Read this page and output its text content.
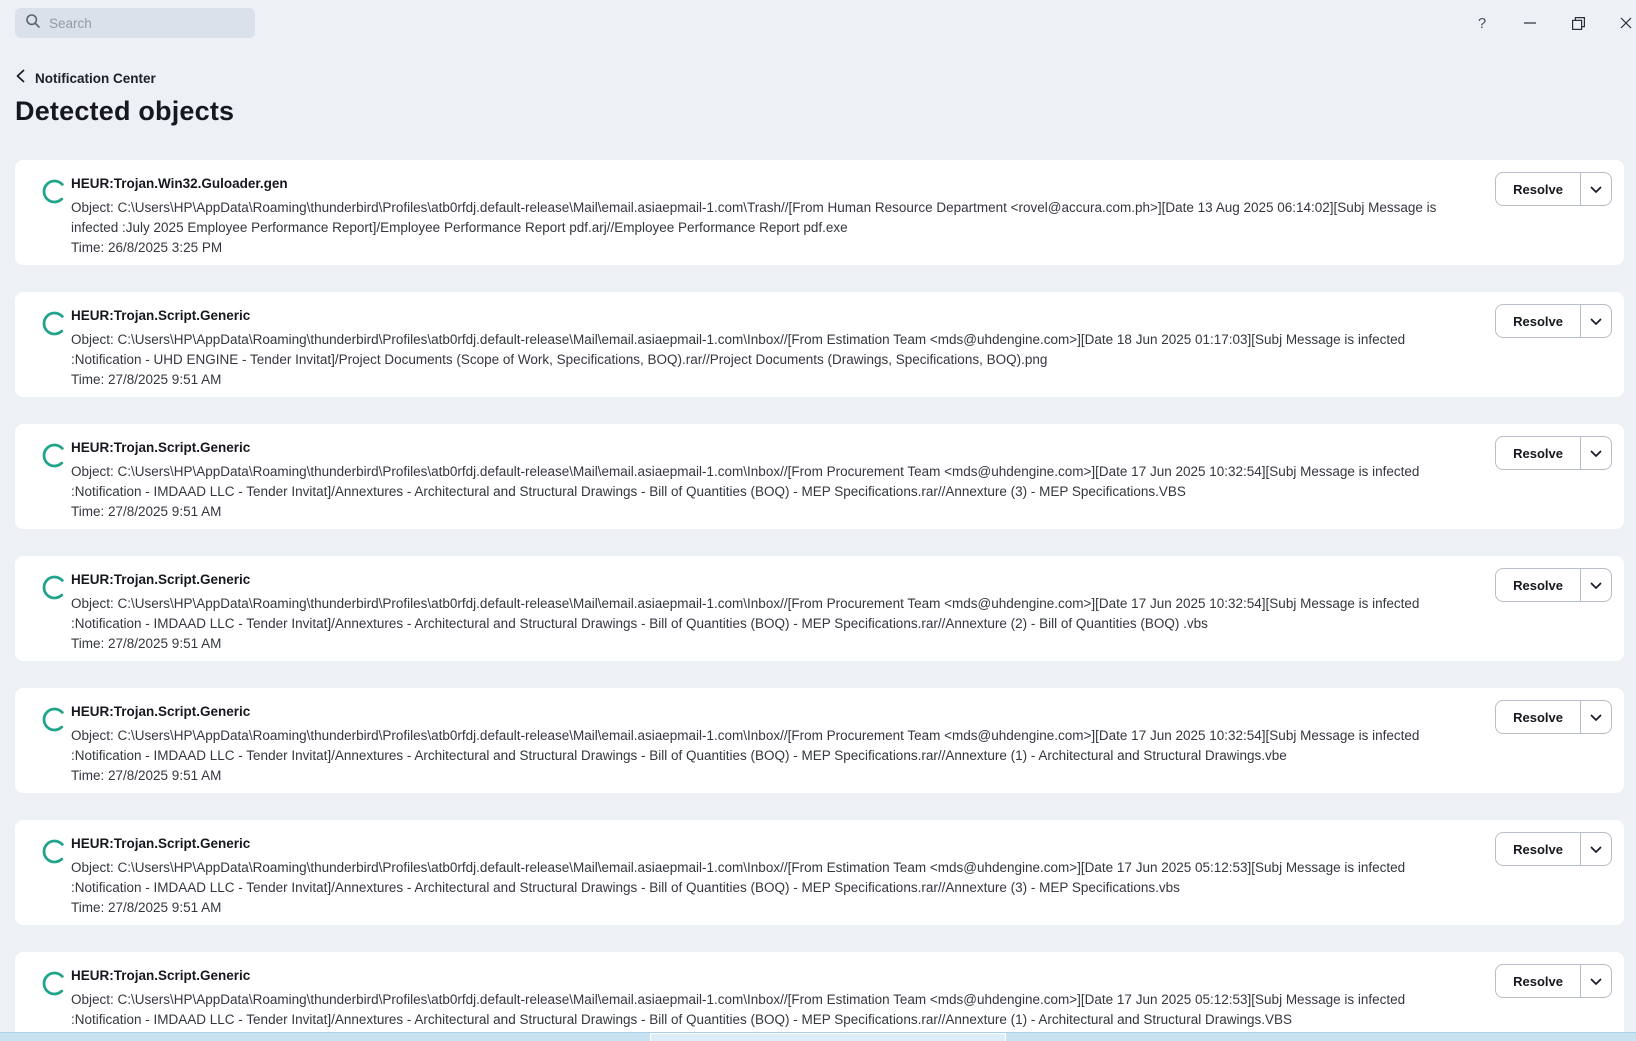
Search
?
Notification Center
Detected objects
HEUR:Trojan.Win32.Guloader.gen
Object: C:\Users\HP\AppData\Roaming\thunderbird\Profiles\atb0rfdj.default-release\Mail\email.asiaepmail-1.com\Trash//[From Human Resource Department <rovel@accura.com.ph>][Date 13 Aug 2025 06:14:02][Subj Message is infected :July 2025 Employee Performance Report]/Employee Performance Report pdf.arj//Employee Performance Report pdf.exe
Time: 26/8/2025 3:25 PM
Resolve
HEUR:Trojan.Script.Generic
Object: C:\Users\HP\AppData\Roaming\thunderbird\Profiles\atb0rfdj.default-release\Mail\email.asiaepmail-1.com\Inbox//[From Estimation Team <mds@uhdengine.com>][Date 18 Jun 2025 01:17:03][Subj Message is infected :Notification - UHD ENGINE - Tender Invitat]/Project Documents (Scope of Work, Specifications, BOQ).rar//Project Documents (Drawings, Specifications, BOQ).png
Time: 27/8/2025 9:51 AM
Resolve
HEUR:Trojan.Script.Generic
Object: C:\Users\HP\AppData\Roaming\thunderbird\Profiles\atb0rfdj.default-release\Mail\email.asiaepmail-1.com\Inbox//[From Procurement Team <mds@uhdengine.com>][Date 17 Jun 2025 10:32:54][Subj Message is infected :Notification - IMDAAD LLC - Tender Invitat]/Annextures - Architectural and Structural Drawings - Bill of Quantities (BOQ) - MEP Specifications.rar//Annexture (3) - MEP Specifications.VBS
Time: 27/8/2025 9:51 AM
Resolve
HEUR:Trojan.Script.Generic
Object: C:\Users\HP\AppData\Roaming\thunderbird\Profiles\atb0rfdj.default-release\Mail\email.asiaepmail-1.com\Inbox//[From Procurement Team <mds@uhdengine.com>][Date 17 Jun 2025 10:32:54][Subj Message is infected :Notification - IMDAAD LLC - Tender Invitat]/Annextures - Architectural and Structural Drawings - Bill of Quantities (BOQ) - MEP Specifications.rar//Annexture (2) - Bill of Quantities (BOQ) .vbs
Time: 27/8/2025 9:51 AM
Resolve
HEUR:Trojan.Script.Generic
Object: C:\Users\HP\AppData\Roaming\thunderbird\Profiles\atb0rfdj.default-release\Mail\email.asiaepmail-1.com\Inbox//[From Procurement Team <mds@uhdengine.com>][Date 17 Jun 2025 10:32:54][Subj Message is infected :Notification - IMDAAD LLC - Tender Invitat]/Annextures - Architectural and Structural Drawings - Bill of Quantities (BOQ) - MEP Specifications.rar//Annexture (1) - Architectural and Structural Drawings.vbe
Time: 27/8/2025 9:51 AM
Resolve
HEUR:Trojan.Script.Generic
Object: C:\Users\HP\AppData\Roaming\thunderbird\Profiles\atb0rfdj.default-release\Mail\email.asiaepmail-1.com\Inbox//[From Estimation Team <mds@uhdengine.com>][Date 17 Jun 2025 05:12:53][Subj Message is infected :Notification - IMDAAD LLC - Tender Invitat]/Annextures - Architectural and Structural Drawings - Bill of Quantities (BOQ) - MEP Specifications.rar//Annexture (3) - MEP Specifications.vbs
Time: 27/8/2025 9:51 AM
Resolve
HEUR:Trojan.Script.Generic
Object: C:\Users\HP\AppData\Roaming\thunderbird\Profiles\atb0rfdj.default-release\Mail\email.asiaepmail-1.com\Inbox//[From Estimation Team <mds@uhdengine.com>][Date 17 Jun 2025 05:12:53][Subj Message is infected :Notification - IMDAAD LLC - Tender Invitat]/Annextures - Architectural and Structural Drawings - Bill of Quantities (BOQ) - MEP Specifications.rar//Annexture (1) - Architectural and Structural Drawings.VBS
Resolve
